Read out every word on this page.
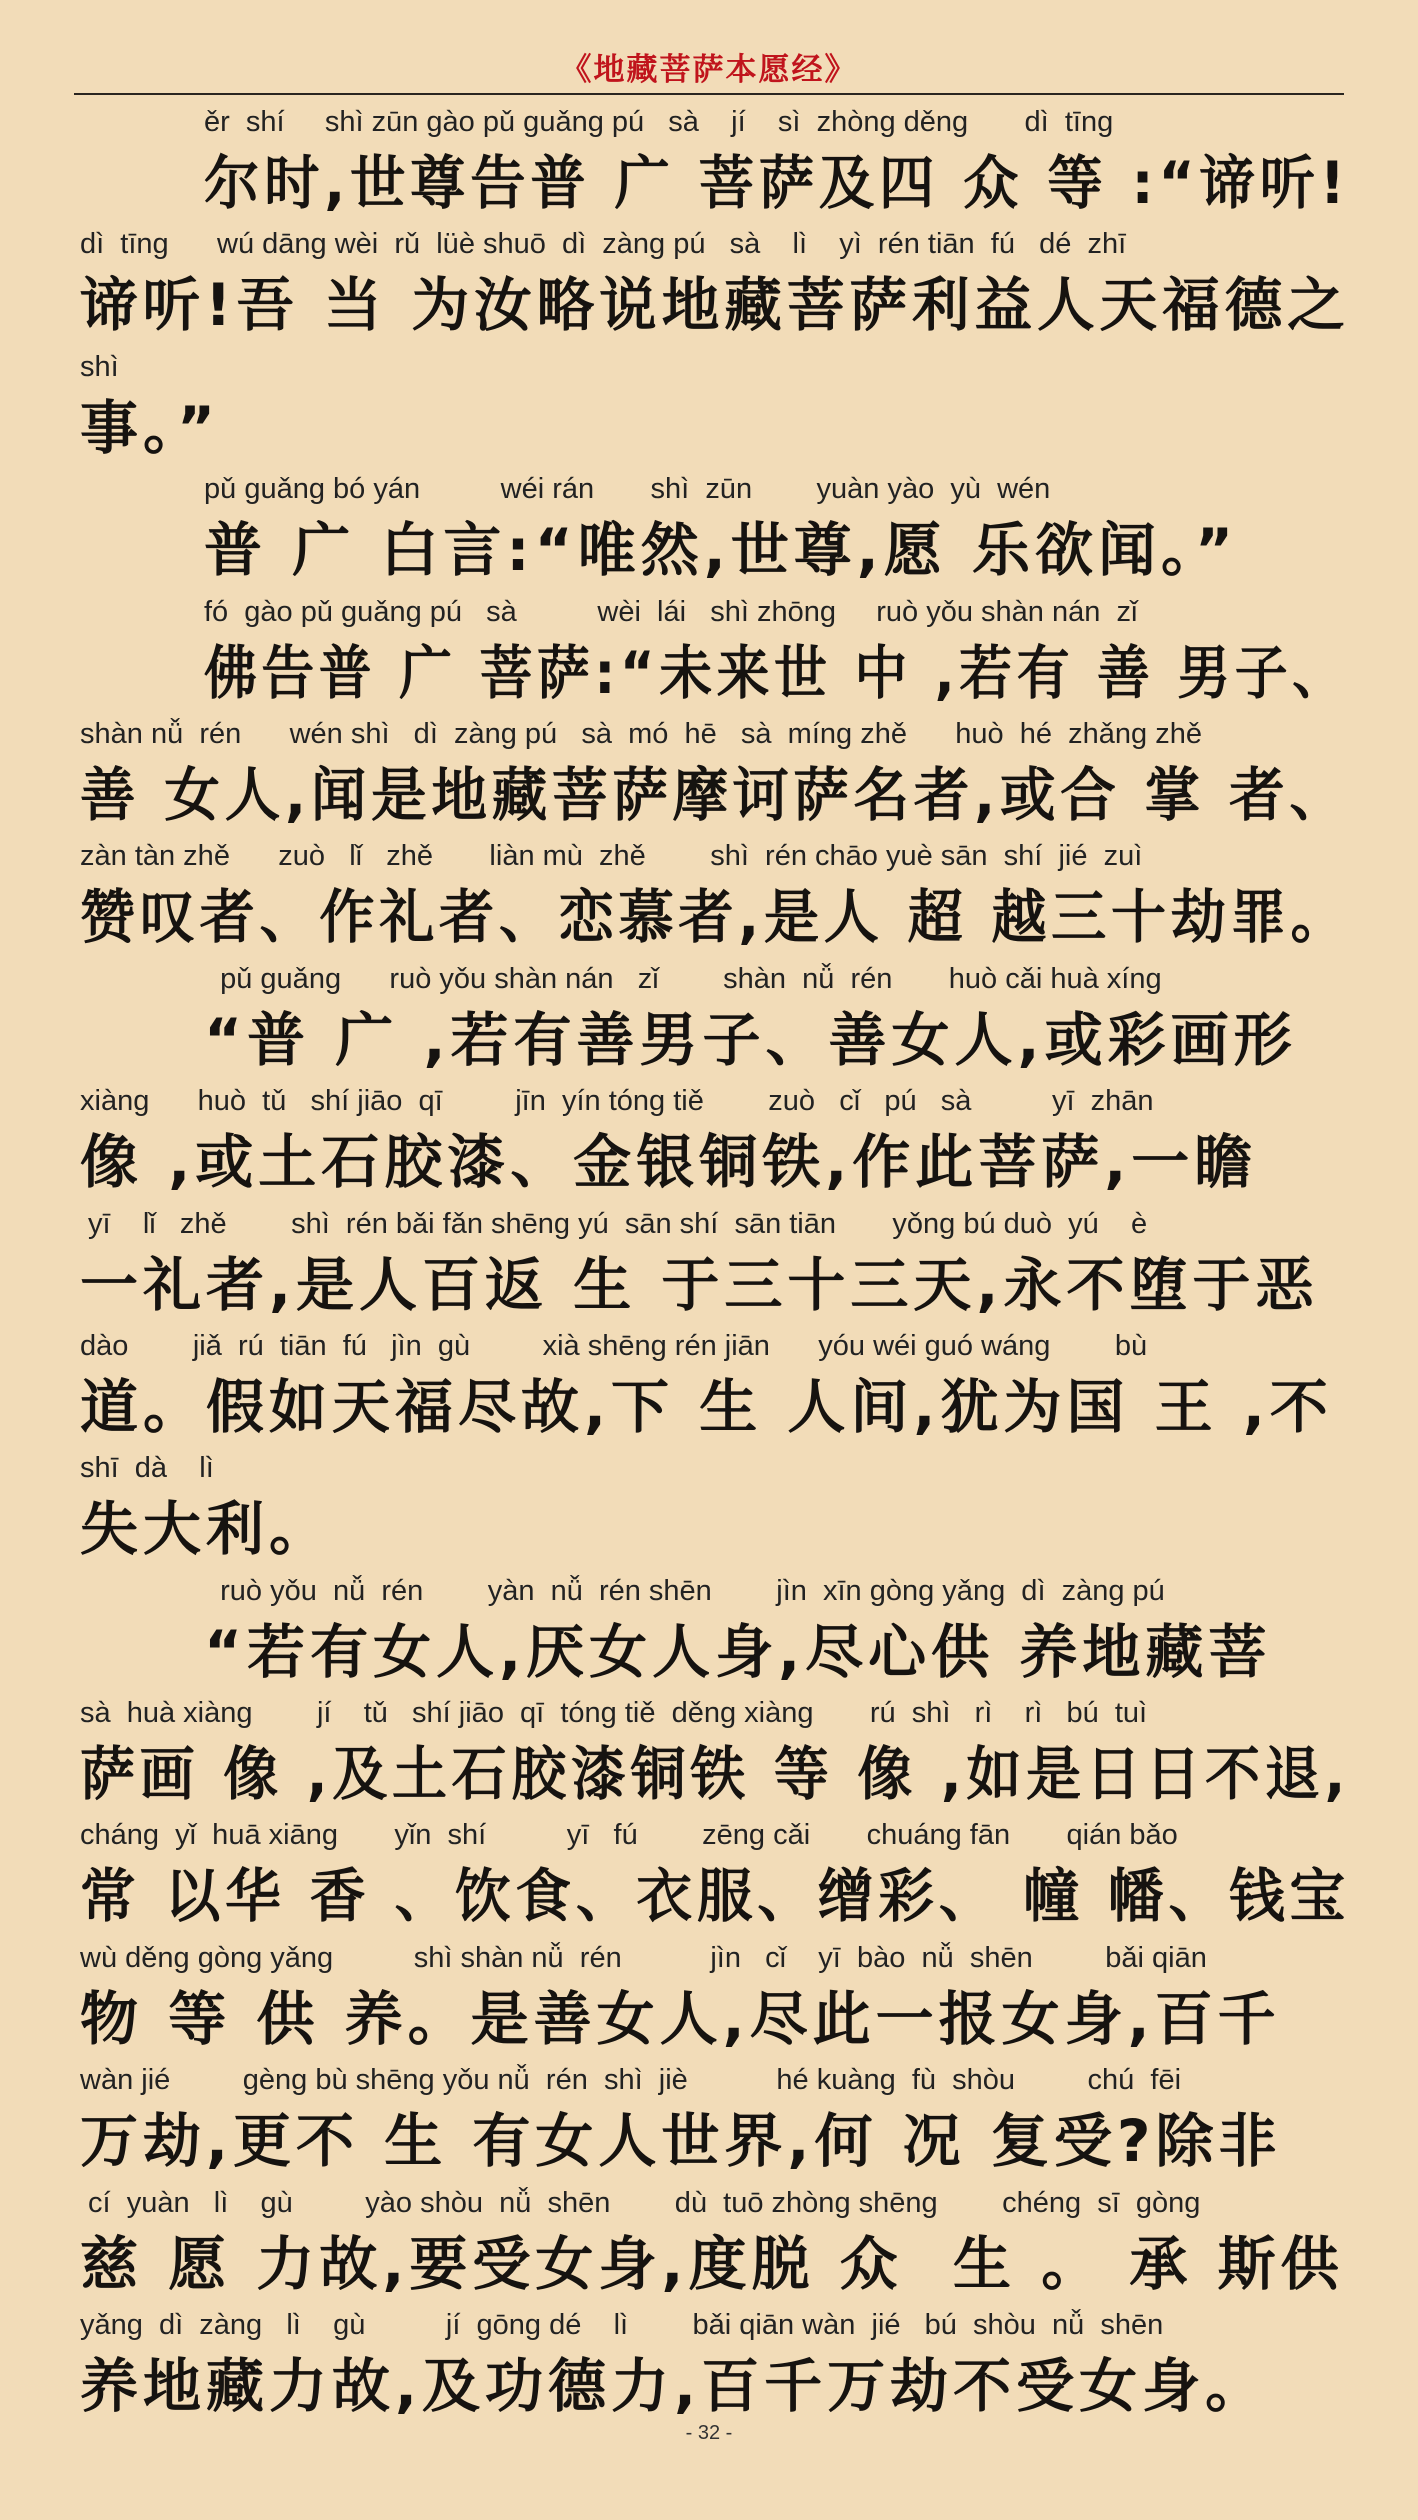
《地藏菩萨本愿经》
ěr  shí     shì zūn gào pǔ guǎng pú   sà    jí    sì  zhòng děng       dì  tīng
尔时,世尊告普 广 菩萨及四 众 等 :“谛听!
dì  tīng      wú dāng wèi  rǔ  lüè shuō  dì  zàng pú   sà    lì    yì  rén tiān  fú   dé  zhī
谛听!吾 当 为汝略说地藏菩萨利益人天福德之
shì
事。”
pǔ guǎng bó yán          wéi rán       shì  zūn        yuàn yào  yù  wén
普 广 白言:“唯然,世尊,愿 乐欲闻。”
fó  gào pǔ guǎng pú   sà          wèi  lái   shì zhōng     ruò yǒu shàn nán  zǐ
佛告普 广 菩萨:“未来世 中 ,若有 善 男子、
shàn nǚ  rén      wén shì   dì  zàng pú   sà  mó  hē   sà  míng zhě      huò  hé  zhǎng zhě
善 女人,闻是地藏菩萨摩诃萨名者,或合 掌 者、
zàn tàn zhě      zuò   lǐ   zhě       liàn mù  zhě        shì  rén chāo yuè sān  shí  jié  zuì
赞叹者、作礼者、恋慕者,是人 超 越三十劫罪。
pǔ guǎng      ruò yǒu shàn nán   zǐ        shàn  nǚ  rén       huò cǎi huà xíng
“普 广 ,若有善男子、善女人,或彩画形
xiàng      huò  tǔ   shí jiāo  qī         jīn  yín tóng tiě        zuò   cǐ   pú   sà          yī  zhān
像 ,或土石胶漆、金银铜铁,作此菩萨,一瞻
yī    lǐ   zhě        shì  rén bǎi fǎn shēng yú  sān shí  sān tiān       yǒng bú duò  yú    è
一礼者,是人百返 生 于三十三天,永不堕于恶
dào        jiǎ  rú  tiān  fú   jìn  gù         xià shēng rén jiān      yóu wéi guó wáng        bù
道。假如天福尽故,下 生 人间,犹为国 王 ,不
shī  dà    lì
失大利。
ruò yǒu  nǚ  rén        yàn  nǚ  rén shēn        jìn  xīn gòng yǎng  dì  zàng pú
“若有女人,厌女人身,尽心供 养地藏菩
sà  huà xiàng        jí    tǔ   shí jiāo  qī  tóng tiě  děng xiàng       rú  shì   rì    rì   bú  tuì
萨画 像 ,及土石胶漆铜铁 等 像 ,如是日日不退,
cháng  yǐ  huā xiāng       yǐn  shí          yī   fú        zēng cǎi       chuáng fān       qián bǎo
常 以华 香 、饮食、衣服、缯彩、 幢 幡、钱宝
wù děng gòng yǎng          shì shàn nǚ  rén           jìn   cǐ    yī  bào  nǚ  shēn         bǎi qiān
物 等 供 养。是善女人,尽此一报女身,百千
wàn jié         gèng bù shēng yǒu nǚ  rén  shì  jiè           hé kuàng  fù  shòu         chú  fēi
万劫,更不 生 有女人世界,何 况 复受?除非
cí  yuàn   lì    gù         yào shòu  nǚ  shēn        dù  tuō zhòng shēng        chéng  sī  gòng
慈 愿 力故,要受女身,度脱 众  生 。 承 斯供
yǎng  dì  zàng   lì    gù          jí  gōng dé    lì        bǎi qiān wàn  jié   bú  shòu  nǚ  shēn
养地藏力故,及功德力,百千万劫不受女身。
- 32 -
